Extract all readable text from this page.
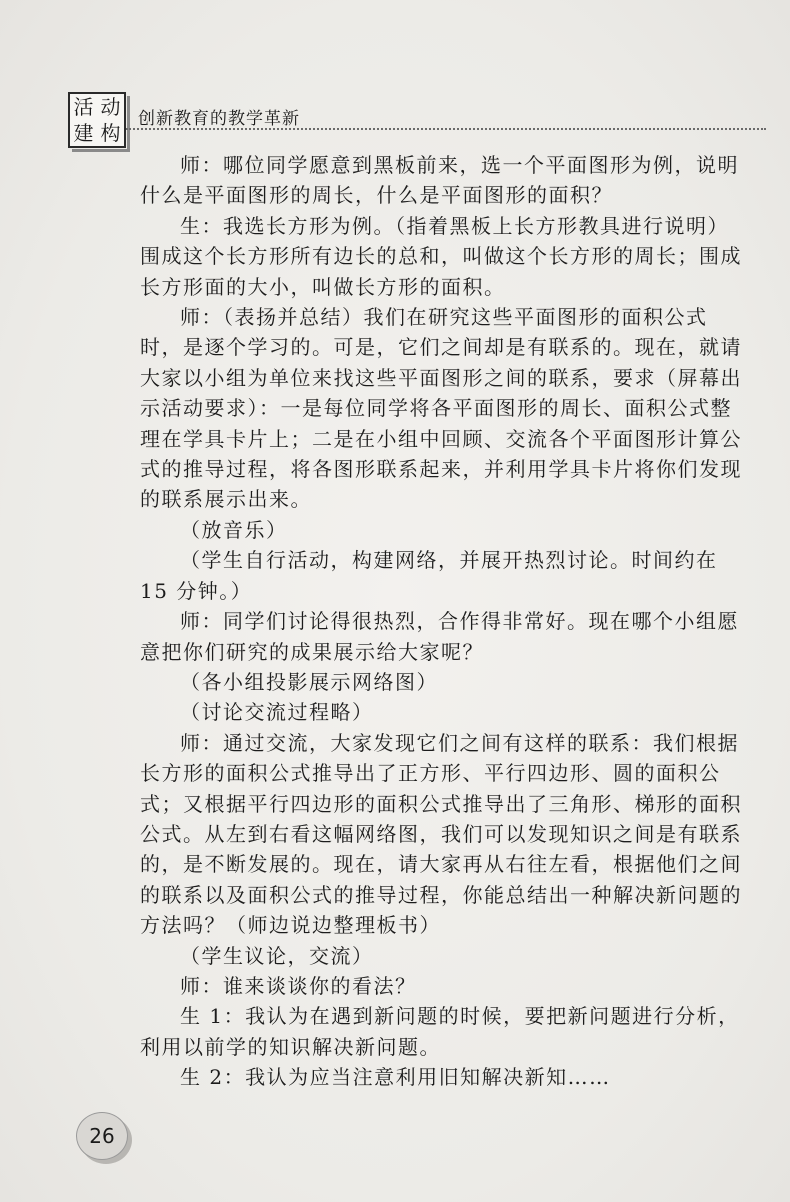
活 动
建 构
创新教育的教学革新

师：哪位同学愿意到黑板前来，选一个平面图形为例，说明什么是平面图形的周长，什么是平面图形的面积？

生：我选长方形为例。（指着黑板上长方形教具进行说明）围成这个长方形所有边长的总和，叫做这个长方形的周长；围成长方形面的大小，叫做长方形的面积。

师：（表扬并总结）我们在研究这些平面图形的面积公式时，是逐个学习的。可是，它们之间却是有联系的。现在，就请大家以小组为单位来找这些平面图形之间的联系，要求（屏幕出示活动要求）：一是每位同学将各平面图形的周长、面积公式整理在学具卡片上；二是在小组中回顾、交流各个平面图形计算公式的推导过程，将各图形联系起来，并利用学具卡片将你们发现的联系展示出来。

（放音乐）

（学生自行活动，构建网络，并展开热烈讨论。时间约在 15 分钟。）

师：同学们讨论得很热烈，合作得非常好。现在哪个小组愿意把你们研究的成果展示给大家呢？

（各小组投影展示网络图）

（讨论交流过程略）

师：通过交流，大家发现它们之间有这样的联系：我们根据长方形的面积公式推导出了正方形、平行四边形、圆的面积公式；又根据平行四边形的面积公式推导出了三角形、梯形的面积公式。从左到右看这幅网络图，我们可以发现知识之间是有联系的，是不断发展的。现在，请大家再从右往左看，根据他们之间的联系以及面积公式的推导过程，你能总结出一种解决新问题的方法吗？（师边说边整理板书）

（学生议论，交流）

师：谁来谈谈你的看法？

生 1：我认为在遇到新问题的时候，要把新问题进行分析，利用以前学的知识解决新问题。

生 2：我认为应当注意利用旧知解决新知……

26
